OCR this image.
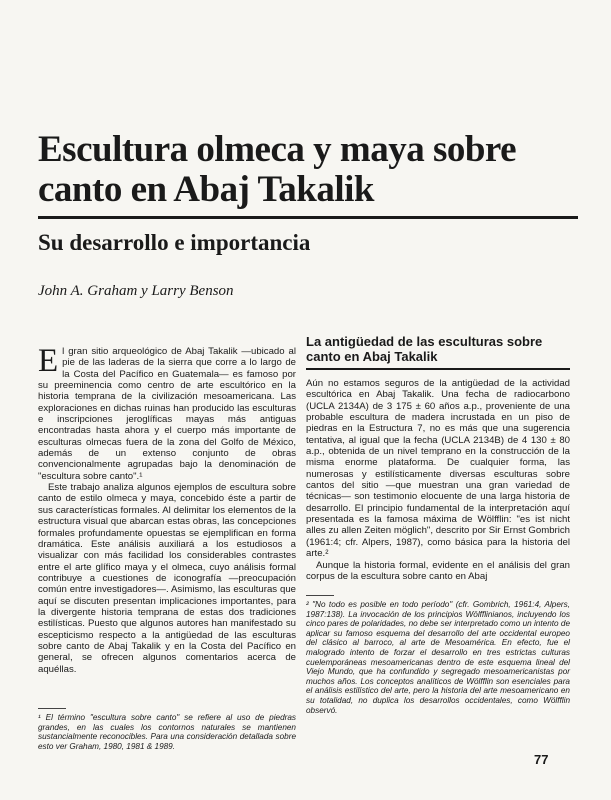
Escultura olmeca y maya sobre canto en Abaj Takalik
Su desarrollo e importancia

John A. Graham y Larry Benson

El gran sitio arqueológico de Abaj Takalik —ubicado al pie de las laderas de la sierra que corre a lo largo de la Costa del Pacífico en Guatemala— es famoso por su preeminencia como centro de arte escultórico en la historia temprana de la civilización mesoamericana. Las exploraciones en dichas ruinas han producido las esculturas e inscripciones jeroglíficas mayas más antiguas encontradas hasta ahora y el cuerpo más importante de esculturas olmecas fuera de la zona del Golfo de México, además de un extenso conjunto de obras convencionalmente agrupadas bajo la denominación de "escultura sobre canto".¹

Este trabajo analiza algunos ejemplos de escultura sobre canto de estilo olmeca y maya, concebido éste a partir de sus características formales. Al delimitar los elementos de la estructura visual que abarcan estas obras, las concepciones formales profundamente opuestas se ejemplifican en forma dramática. Este análisis auxiliará a los estudiosos a visualizar con más facilidad los considerables contrastes entre el arte glífico maya y el olmeca, cuyo análisis formal contribuye a cuestiones de iconografía —preocupación común entre investigadores—. Asimismo, las esculturas que aquí se discuten presentan implicaciones importantes, para la divergente historia temprana de estas dos tradiciones estilísticas. Puesto que algunos autores han manifestado su escepticismo respecto a la antigüedad de las esculturas sobre canto de Abaj Takalik y en la Costa del Pacífico en general, se ofrecen algunos comentarios acerca de aquéllas.

¹ El término "escultura sobre canto" se refiere al uso de piedras grandes, en las cuales los contornos naturales se mantienen sustancialmente reconocibles. Para una consideración detallada sobre esto ver Graham, 1980, 1981 & 1989.

La antigüedad de las esculturas sobre canto en Abaj Takalik

Aún no estamos seguros de la antigüedad de la actividad escultórica en Abaj Takalik. Una fecha de radiocarbono (UCLA 2134A) de 3 175 ± 60 años a.p., proveniente de una probable escultura de madera incrustada en un piso de piedras en la Estructura 7, no es más que una sugerencia tentativa, al igual que la fecha (UCLA 2134B) de 4 130 ± 80 a.p., obtenida de un nivel temprano en la construcción de la misma enorme plataforma. De cualquier forma, las numerosas y estilísticamente diversas esculturas sobre cantos del sitio —que muestran una gran variedad de técnicas— son testimonio elocuente de una larga historia de desarrollo. El principio fundamental de la interpretación aquí presentada es la famosa máxima de Wölfflin: "es ist nicht alles zu allen Zeiten möglich", descrito por Sir Ernst Gombrich (1961:4; cfr. Alpers, 1987), como básica para la historia del arte.²

Aunque la historia formal, evidente en el análisis del gran corpus de la escultura sobre canto en Abaj

² "No todo es posible en todo período" (cfr. Gombrich, 1961:4, Alpers, 1987:138). La invocación de los principios Wölfflinianos, incluyendo los cinco pares de polaridades, no debe ser interpretado como un intento de aplicar su famoso esquema del desarrollo del arte occidental europeo del clásico al barroco, al arte de Mesoamérica. En efecto, fue el malogrado intento de forzar el desarrollo en tres estrictas culturas cuelemporáneas mesoamericanas dentro de este esquema lineal del Viejo Mundo, que ha confundido y segregado mesoamericanistas por muchos años. Los conceptos analíticos de Wölfflin son esenciales para el análisis estilístico del arte, pero la historia del arte mesoamericano en su totalidad, no duplica los desarrollos occidentales, como Wölfflin observó.

77
